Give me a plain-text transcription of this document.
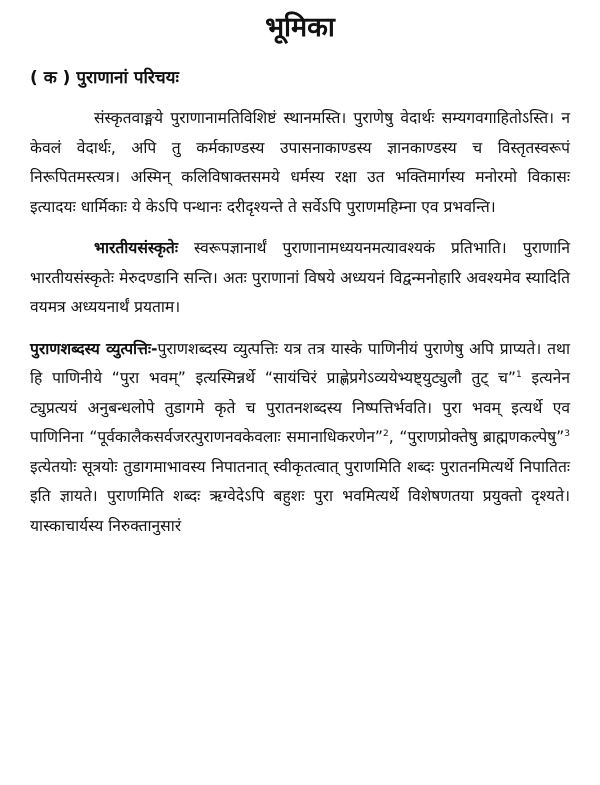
भूमिका
( क ) पुराणानां परिचयः

संस्कृतवाङ्मये पुराणानामतिविशिष्टं स्थानमस्ति। पुराणेषु वेदार्थः सम्यगवगाहितोऽस्ति। न केवलं वेदार्थः, अपि तु कर्मकाण्डस्य उपासनाकाण्डस्य ज्ञानकाण्डस्य च विस्तृतस्वरूपं निरूपितमस्त्यत्र। अस्मिन् कलिविषाक्तसमये धर्मस्य रक्षा उत भक्तिमार्गस्य मनोरमो विकासः इत्यादयः धार्मिकाः ये केऽपि पन्थानः दरीदृश्यन्ते ते सर्वेऽपि पुराणमहिम्ना एव प्रभवन्ति।

भारतीयसंस्कृतेः स्वरूपज्ञानार्थं पुराणानामध्ययनमत्यावश्यकं प्रतिभाति। पुराणानि भारतीयसंस्कृतेः मेरुदण्डानि सन्ति। अतः पुराणानां विषये अध्ययनं विद्वन्मनोहारि अवश्यमेव स्यादिति वयमत्र अध्ययनार्थं प्रयताम।

पुराणशब्दस्य व्युत्पत्तिः-पुराणशब्दस्य व्युत्पत्तिः यत्र तत्र यास्के पाणिनीयं पुराणेषु अपि प्राप्यते। तथा हि पाणिनीये “पुरा भवम्” इत्यस्मिन्नर्थे “सायंचिरं प्राह्णेप्रगेऽव्ययेभ्यष्ट्युट्युलौ तुट् च”$^1$ इत्यनेन ट्युप्रत्ययं अनुबन्धलोपे तुडागमे कृते च पुरातनशब्दस्य निष्पत्तिर्भवति। पुरा भवम् इत्यर्थे एव पाणिनिना “पूर्वकालैकसर्वजरत्पुराणनवकेवलाः समानाधिकरणेन”$^2$, “पुराणप्रोक्तेषु ब्राह्मणकल्पेषु”$^3$ इत्येतयोः सूत्रयोः तुडागमाभावस्य निपातनात् स्वीकृतत्वात् पुराणमिति शब्दः पुरातनमित्यर्थे निपातितः इति ज्ञायते। पुराणमिति शब्दः ऋग्वेदेऽपि बहुशः पुरा भवमित्यर्थे विशेषणतया प्रयुक्तो दृश्यते। यास्काचार्यस्य निरुक्तानुसारं
